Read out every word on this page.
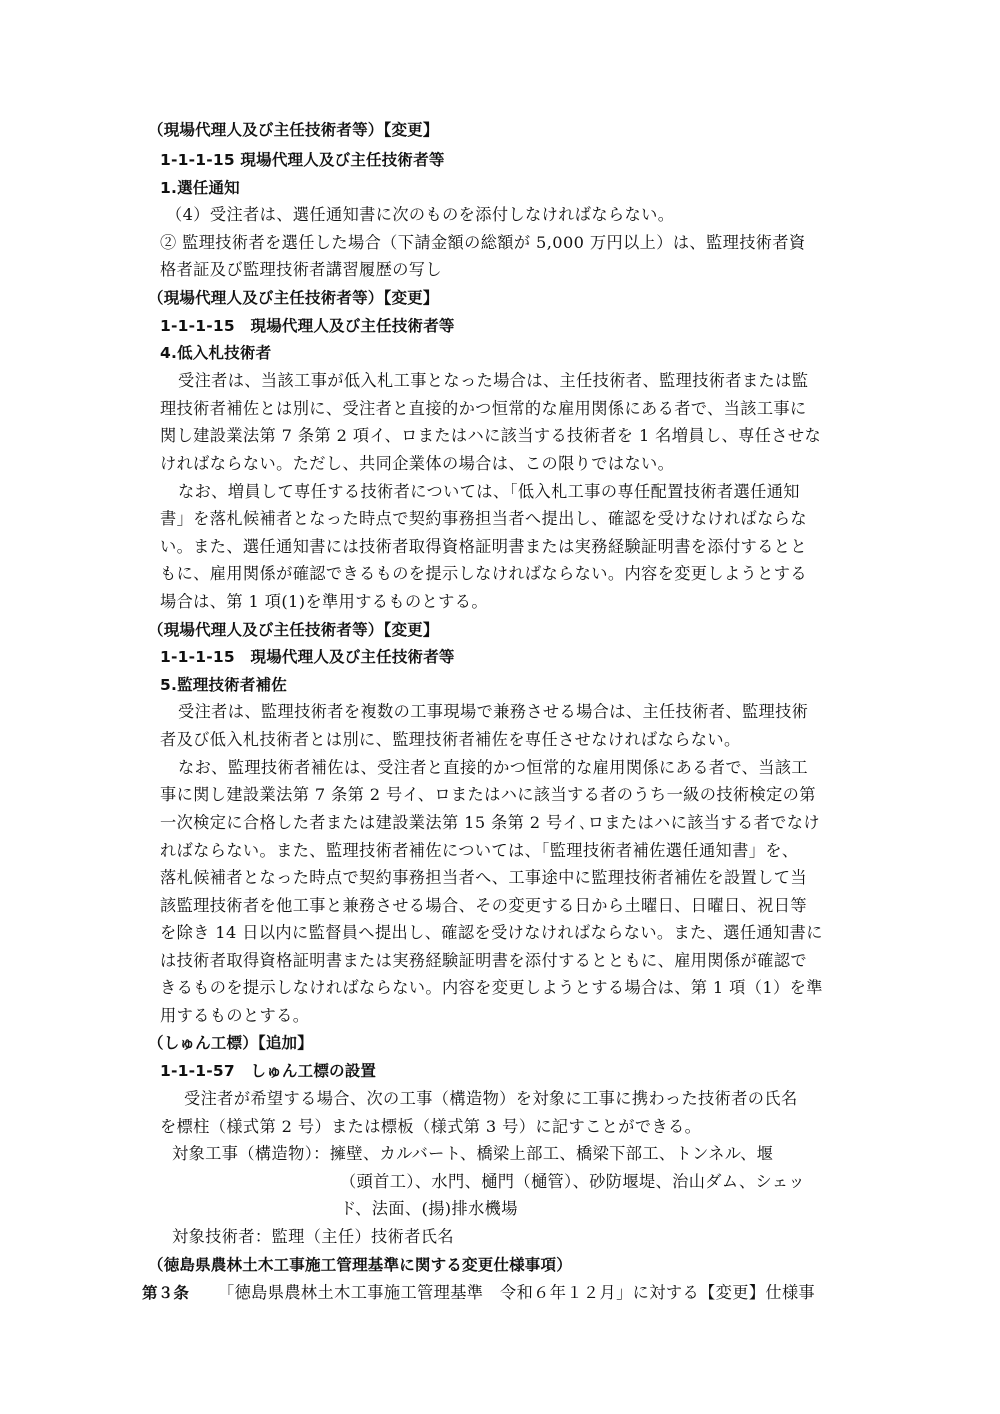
（現場代理人及び主任技術者等）【変更】
1-1-1-15 現場代理人及び主任技術者等
1.選任通知
（4）受注者は、選任通知書に次のものを添付しなければならない。
② 監理技術者を選任した場合（下請金額の総額が 5,000 万円以上）は、監理技術者資
格者証及び監理技術者講習履歴の写し
（現場代理人及び主任技術者等）【変更】
1-1-1-15　現場代理人及び主任技術者等
4.低入札技術者
受注者は、当該工事が低入札工事となった場合は、主任技術者、監理技術者または監
理技術者補佐とは別に、受注者と直接的かつ恒常的な雇用関係にある者で、当該工事に
関し建設業法第 7 条第 2 項イ、ロまたはハに該当する技術者を 1 名増員し、専任させな
ければならない。ただし、共同企業体の場合は、この限りではない。
なお、増員して専任する技術者については、「低入札工事の専任配置技術者選任通知
書」を落札候補者となった時点で契約事務担当者へ提出し、確認を受けなければならな
い。また、選任通知書には技術者取得資格証明書または実務経験証明書を添付するとと
もに、雇用関係が確認できるものを提示しなければならない。内容を変更しようとする
場合は、第 1 項(1)を準用するものとする。
（現場代理人及び主任技術者等）【変更】
1-1-1-15　現場代理人及び主任技術者等
5.監理技術者補佐
受注者は、監理技術者を複数の工事現場で兼務させる場合は、主任技術者、監理技術
者及び低入札技術者とは別に、監理技術者補佐を専任させなければならない。
なお、監理技術者補佐は、受注者と直接的かつ恒常的な雇用関係にある者で、当該工
事に関し建設業法第 7 条第 2 号イ、ロまたはハに該当する者のうち一級の技術検定の第
一次検定に合格した者または建設業法第 15 条第 2 号イ､ロまたはハに該当する者でなけ
ればならない。また、監理技術者補佐については、「監理技術者補佐選任通知書」を、
落札候補者となった時点で契約事務担当者へ、工事途中に監理技術者補佐を設置して当
該監理技術者を他工事と兼務させる場合、その変更する日から土曜日、日曜日、祝日等
を除き 14 日以内に監督員へ提出し、確認を受けなければならない。また、選任通知書に
は技術者取得資格証明書または実務経験証明書を添付するとともに、雇用関係が確認で
きるものを提示しなければならない。内容を変更しようとする場合は、第 1 項（1）を準
用するものとする。
（しゅん工標）【追加】
1-1-1-57　しゅん工標の設置
受注者が希望する場合、次の工事（構造物）を対象に工事に携わった技術者の氏名
を標柱（様式第 2 号）または標板（様式第 3 号）に記すことができる。
対象工事（構造物）：擁壁、カルバート、橋梁上部工、橋梁下部工、トンネル、堰
（頭首工）、水門、樋門（樋管）、砂防堰堤、治山ダム、シェッ
ド、法面、(揚)排水機場
対象技術者：監理（主任）技術者氏名
（徳島県農林土木工事施工管理基準に関する変更仕様事項）
第３条 「徳島県農林土木工事施工管理基準　令和６年１２月」に対する【変更】仕様事
